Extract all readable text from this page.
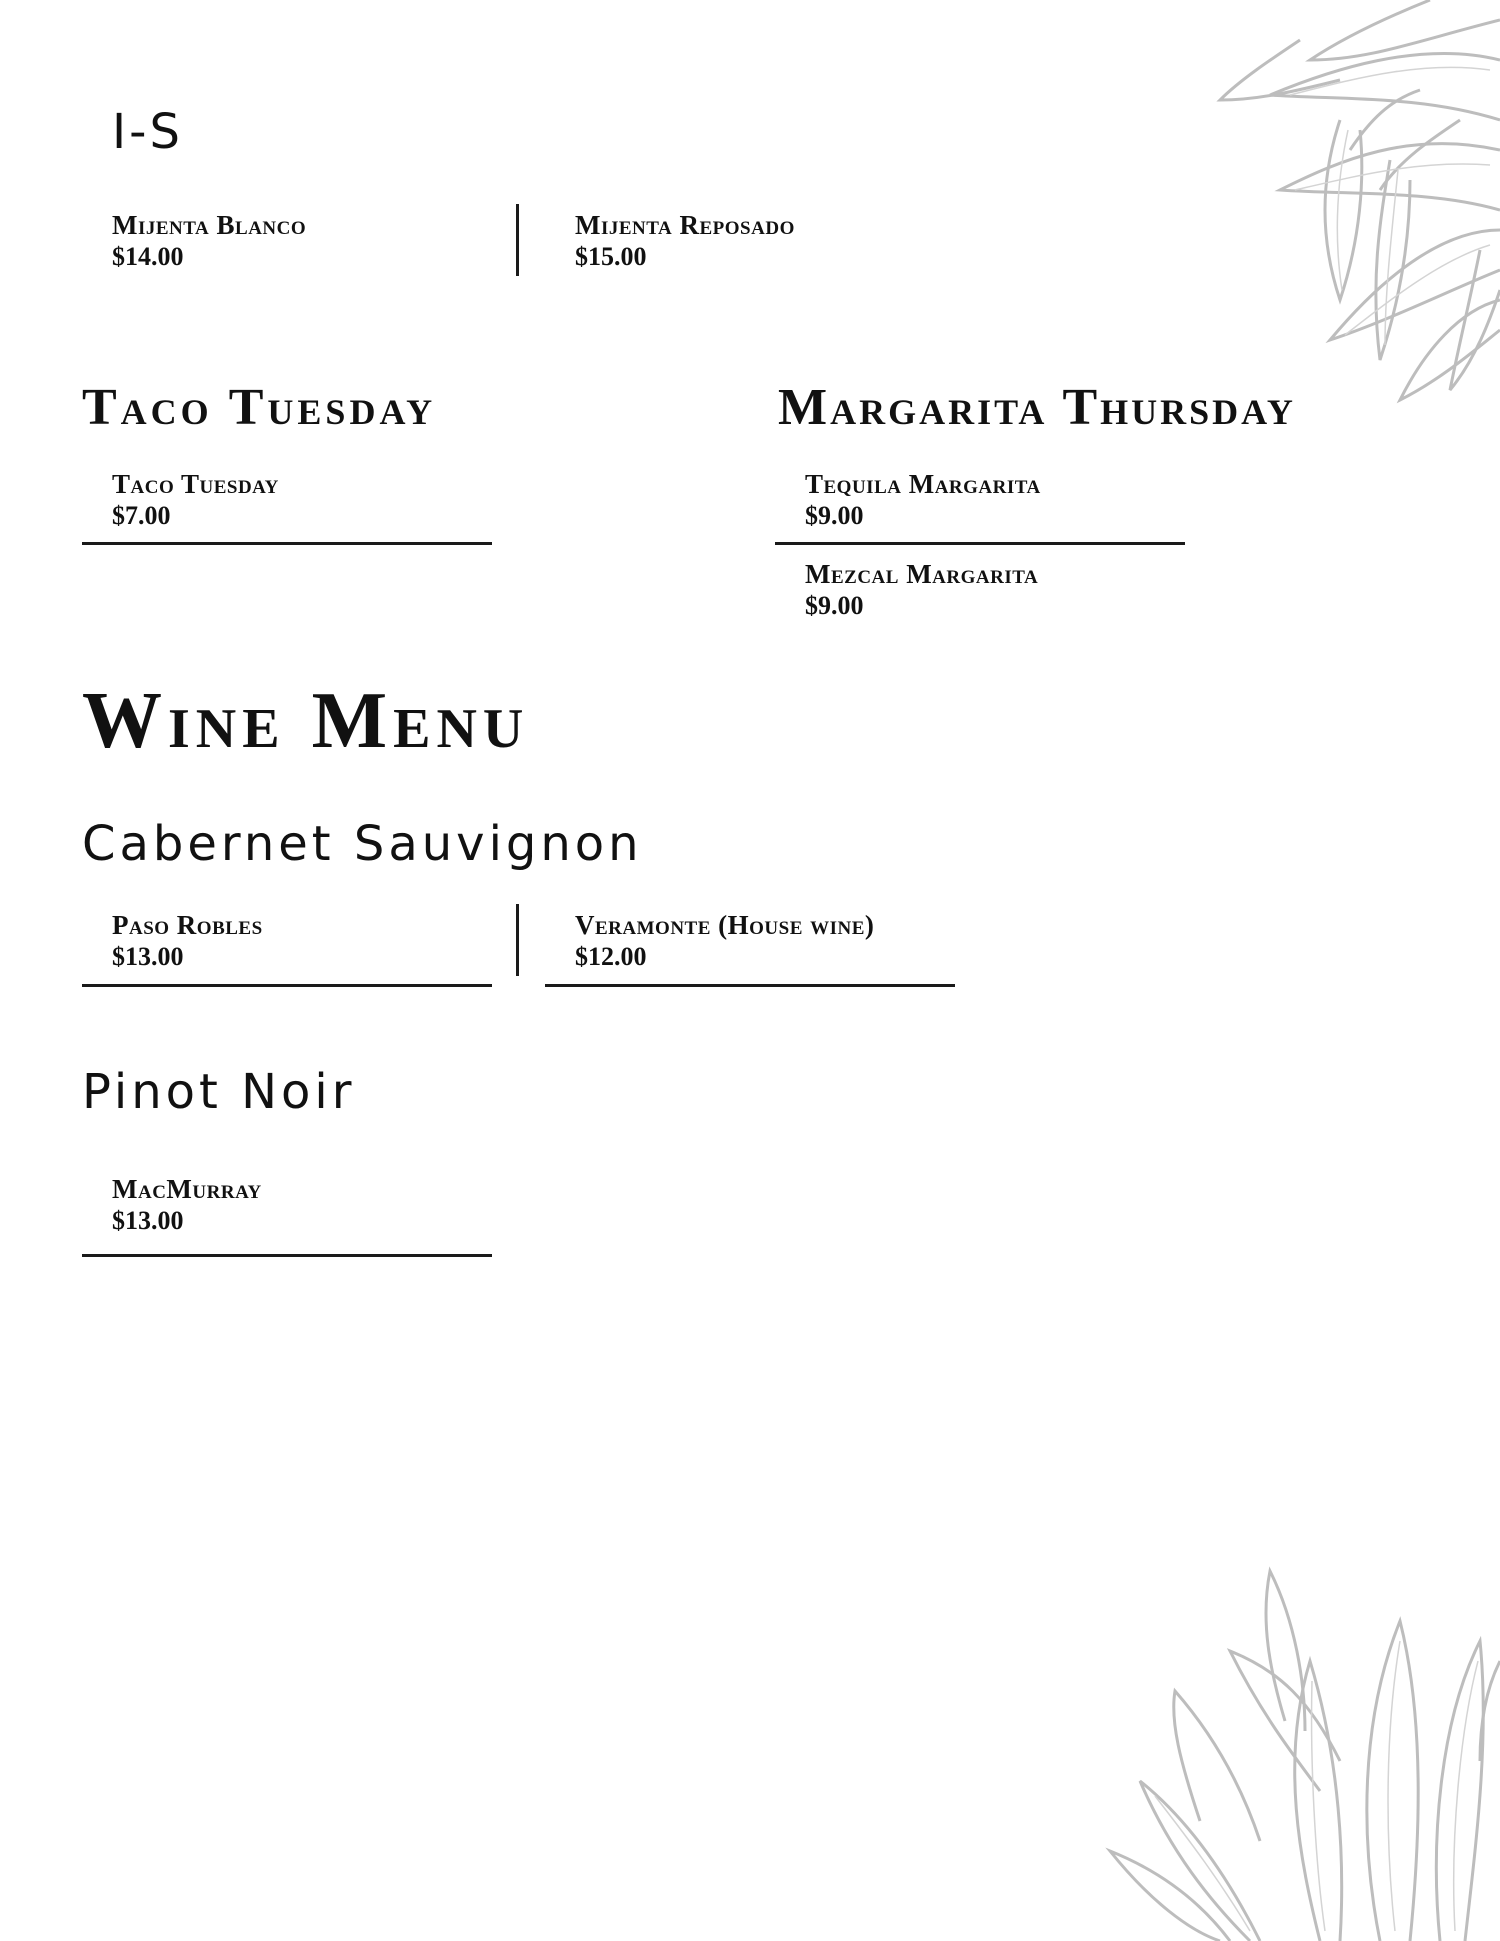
I-S
Mijenta Blanco
$14.00
Mijenta Reposado
$15.00
Taco Tuesday
Taco Tuesday
$7.00
Margarita Thursday
Tequila Margarita
$9.00
Mezcal Margarita
$9.00
Wine Menu
Cabernet Sauvignon
Paso Robles
$13.00
Veramonte (House wine)
$12.00
Pinot Noir
MacMurray
$13.00
